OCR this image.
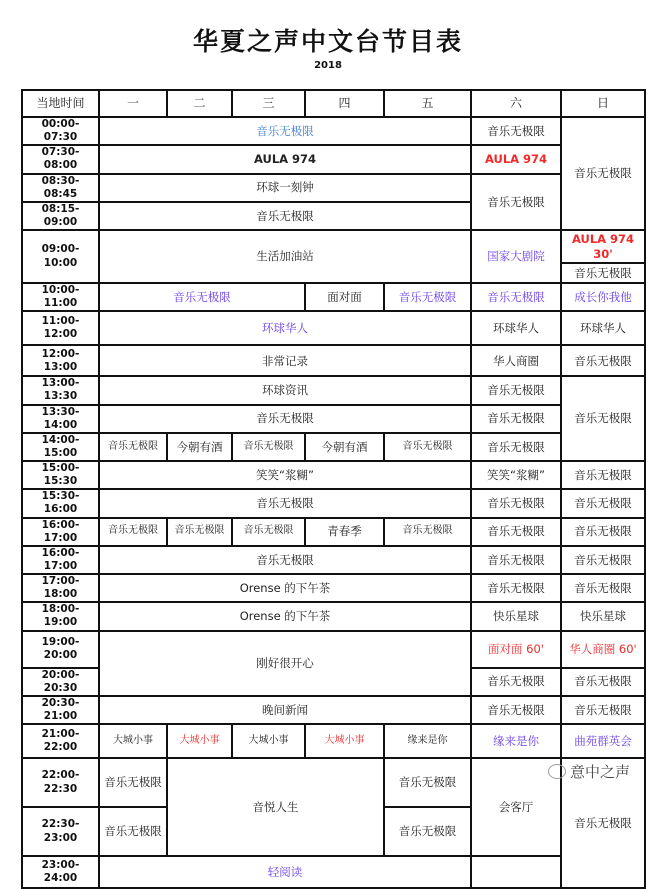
华夏之声中文台节目表
2018
当地时间	一	二	三	四	五	六	日
00:00-07:30	音乐无极限					音乐无极限	音乐无极限
07:30-08:00	AULA 974					AULA 974	
08:30-08:45	环球一刻钟					音乐无极限	
08:15-09:00	音乐无极限						
09:00-10:00	生活加油站					国家大剧院	AULA 974 30'
							音乐无极限
10:00-11:00	音乐无极限			面对面	音乐无极限	音乐无极限	成长你我他
11:00-12:00	环球华人					环球华人	环球华人
12:00-13:00	非常记录					华人商圈	音乐无极限
13:00-13:30	环球资讯					音乐无极限	音乐无极限
13:30-14:00	音乐无极限					音乐无极限	
14:00-15:00	音乐无极限	今朝有酒	音乐无极限	今朝有酒	音乐无极限	音乐无极限	
15:00-15:30	笑笑“浆糊”					笑笑“浆糊”	音乐无极限
15:30-16:00	音乐无极限					音乐无极限	音乐无极限
16:00-17:00	音乐无极限	音乐无极限	音乐无极限	青春季	音乐无极限	音乐无极限	音乐无极限
16:00-17:00	音乐无极限					音乐无极限	音乐无极限
17:00-18:00	Orense 的下午茶					音乐无极限	音乐无极限
18:00-19:00	Orense 的下午茶					快乐星球	快乐星球
19:00-20:00	刚好很开心					面对面 60'	华人商圈 60'
20:00-20:30						音乐无极限	音乐无极限
20:30-21:00	晚间新闻					音乐无极限	音乐无极限
21:00-22:00	大城小事	大城小事	大城小事	大城小事	缘来是你	缘来是你	曲苑群英会
22:00-22:30	音乐无极限	音悦人生			音乐无极限	会客厅	音乐无极限
22:30-23:00	音乐无极限				音乐无极限		
23:00-24:00	轻阅读						
意中之声
